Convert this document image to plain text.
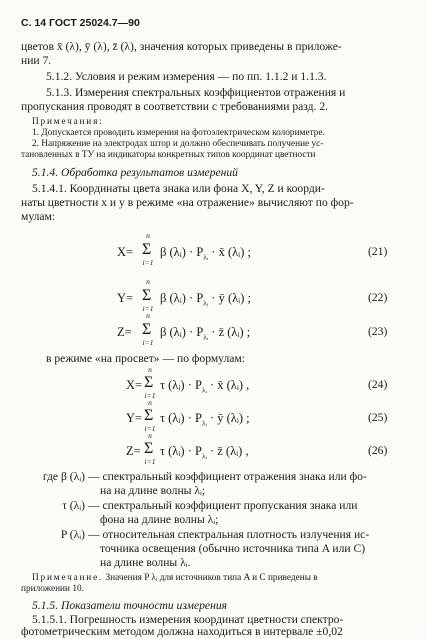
С. 14 ГОСТ 25024.7—90
цветов x̄ (λ), ȳ (λ), z̄ (λ), значения которых приведены в приложе-
нии 7.
5.1.2. Условия и режим измерения — по пп. 1.1.2 и 1.1.3.
5.1.3. Измерения спектральных коэффициентов отражения и
пропускания проводят в соответствии с требованиями разд. 2.
Примечания:
1. Допускается проводить измерения на фотоэлектрическом колориметре.
2. Напряжение на электродах штор и должно обеспечивать получение ус-
тановленных в ТУ на индикаторы конкретных типов координат цветности
5.1.4. Обработка результатов измерений
5.1.4.1. Координаты цвета знака или фона X, Y, Z и коорди-
наты цветности x и y в режиме «на отражение» вычисляют по фор-
мулам:
n
X= Σ
i=1
β (λᵢ) · $P_{\lambda ᵢ}$ · x̄ (λᵢ) ;	(21)
n
Y= Σ
i=1
β (λᵢ) · $P_{\lambda ᵢ}$ · ȳ (λᵢ) ;	(22)
n
Z= Σ
i=1
β (λᵢ) · $P_{\lambda ᵢ}$ · z̄ (λᵢ) ;	(23)
в режиме «на просвет» — по формулам:
n
X= Σ
i=1
τ (λᵢ) · $P_{\lambda ᵢ}$ · x̄ (λᵢ) ,	(24)
n
Y= Σ
i=1
τ (λᵢ) · $P_{\lambda ᵢ}$ · ȳ (λᵢ) ;	(25)
n
Z= Σ
i=1
τ (λᵢ) · $P_{\lambda ᵢ}$ · z̄ (λᵢ) ,	(26)
где β (λᵢ) — спектральный коэффициент отражения знака или фо-
на на длине волны λᵢ;
τ (λᵢ) — спектральный коэффициент пропускания знака или
фона на длине волны λᵢ;
P (λᵢ) — относительная спектральная плотность излучения ис-
точника освещения (обычно источника типа A или C)
на длине волны λᵢ.
Примечание. Значения P λᵢ для источников типа A и C приведены в
приложении 10.
5.1.5. Показатели точности измерения
5.1.5.1. Погрешность измерения координат цветности спектро-
фотометрическим методом должна находиться в интервале ±0,02
